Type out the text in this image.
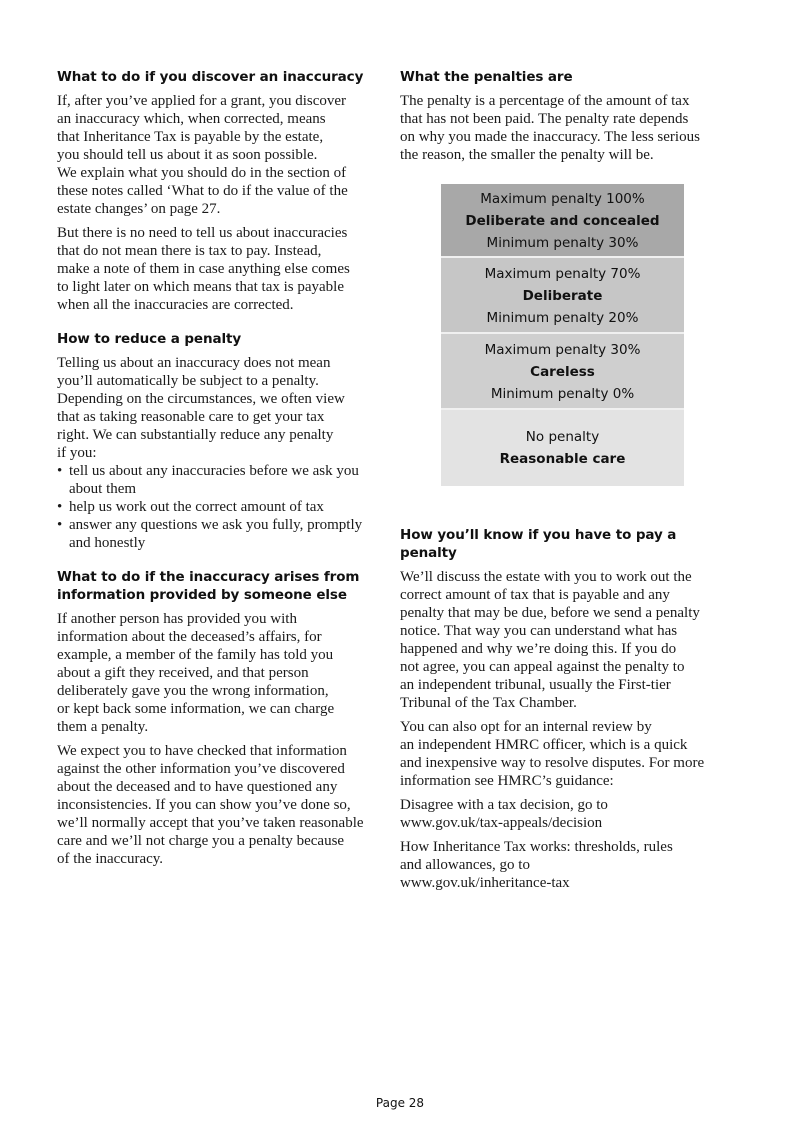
What to do if you discover an inaccuracy

If, after you’ve applied for a grant, you discover
an inaccuracy which, when corrected, means
that Inheritance Tax is payable by the estate,
you should tell us about it as soon possible.
We explain what you should do in the section of
these notes called ‘What to do if the value of the
estate changes’ on page 27.

But there is no need to tell us about inaccuracies
that do not mean there is tax to pay. Instead,
make a note of them in case anything else comes
to light later on which means that tax is payable
when all the inaccuracies are corrected.

How to reduce a penalty

Telling us about an inaccuracy does not mean
you’ll automatically be subject to a penalty.
Depending on the circumstances, we often view
that as taking reasonable care to get your tax
right. We can substantially reduce any penalty
if you:

• tell us about any inaccuracies before we ask you about them
• help us work out the correct amount of tax
• answer any questions we ask you fully, promptly and honestly
What to do if the inaccuracy arises from information provided by someone else

If another person has provided you with
information about the deceased’s affairs, for
example, a member of the family has told you
about a gift they received, and that person
deliberately gave you the wrong information,
or kept back some information, we can charge
them a penalty.

We expect you to have checked that information
against the other information you’ve discovered
about the deceased and to have questioned any
inconsistencies. If you can show you’ve done so,
we’ll normally accept that you’ve taken reasonable
care and we’ll not charge you a penalty because
of the inaccuracy.

What the penalties are

The penalty is a percentage of the amount of tax
that has not been paid. The penalty rate depends
on why you made the inaccuracy. The less serious
the reason, the smaller the penalty will be.

Maximum penalty 100%
Deliberate and concealed
Minimum penalty 30%
Maximum penalty 70%
Deliberate
Minimum penalty 20%
Maximum penalty 30%
Careless
Minimum penalty 0%
No penalty
Reasonable care
How you’ll know if you have to pay a penalty

We’ll discuss the estate with you to work out the
correct amount of tax that is payable and any
penalty that may be due, before we send a penalty
notice. That way you can understand what has
happened and why we’re doing this. If you do
not agree, you can appeal against the penalty to
an independent tribunal, usually the First-tier
Tribunal of the Tax Chamber.

You can also opt for an internal review by
an independent HMRC officer, which is a quick
and inexpensive way to resolve disputes. For more
information see HMRC’s guidance:

Disagree with a tax decision, go to
www.gov.uk/tax-appeals/decision

How Inheritance Tax works: thresholds, rules
and allowances, go to
www.gov.uk/inheritance-tax

Page 28
